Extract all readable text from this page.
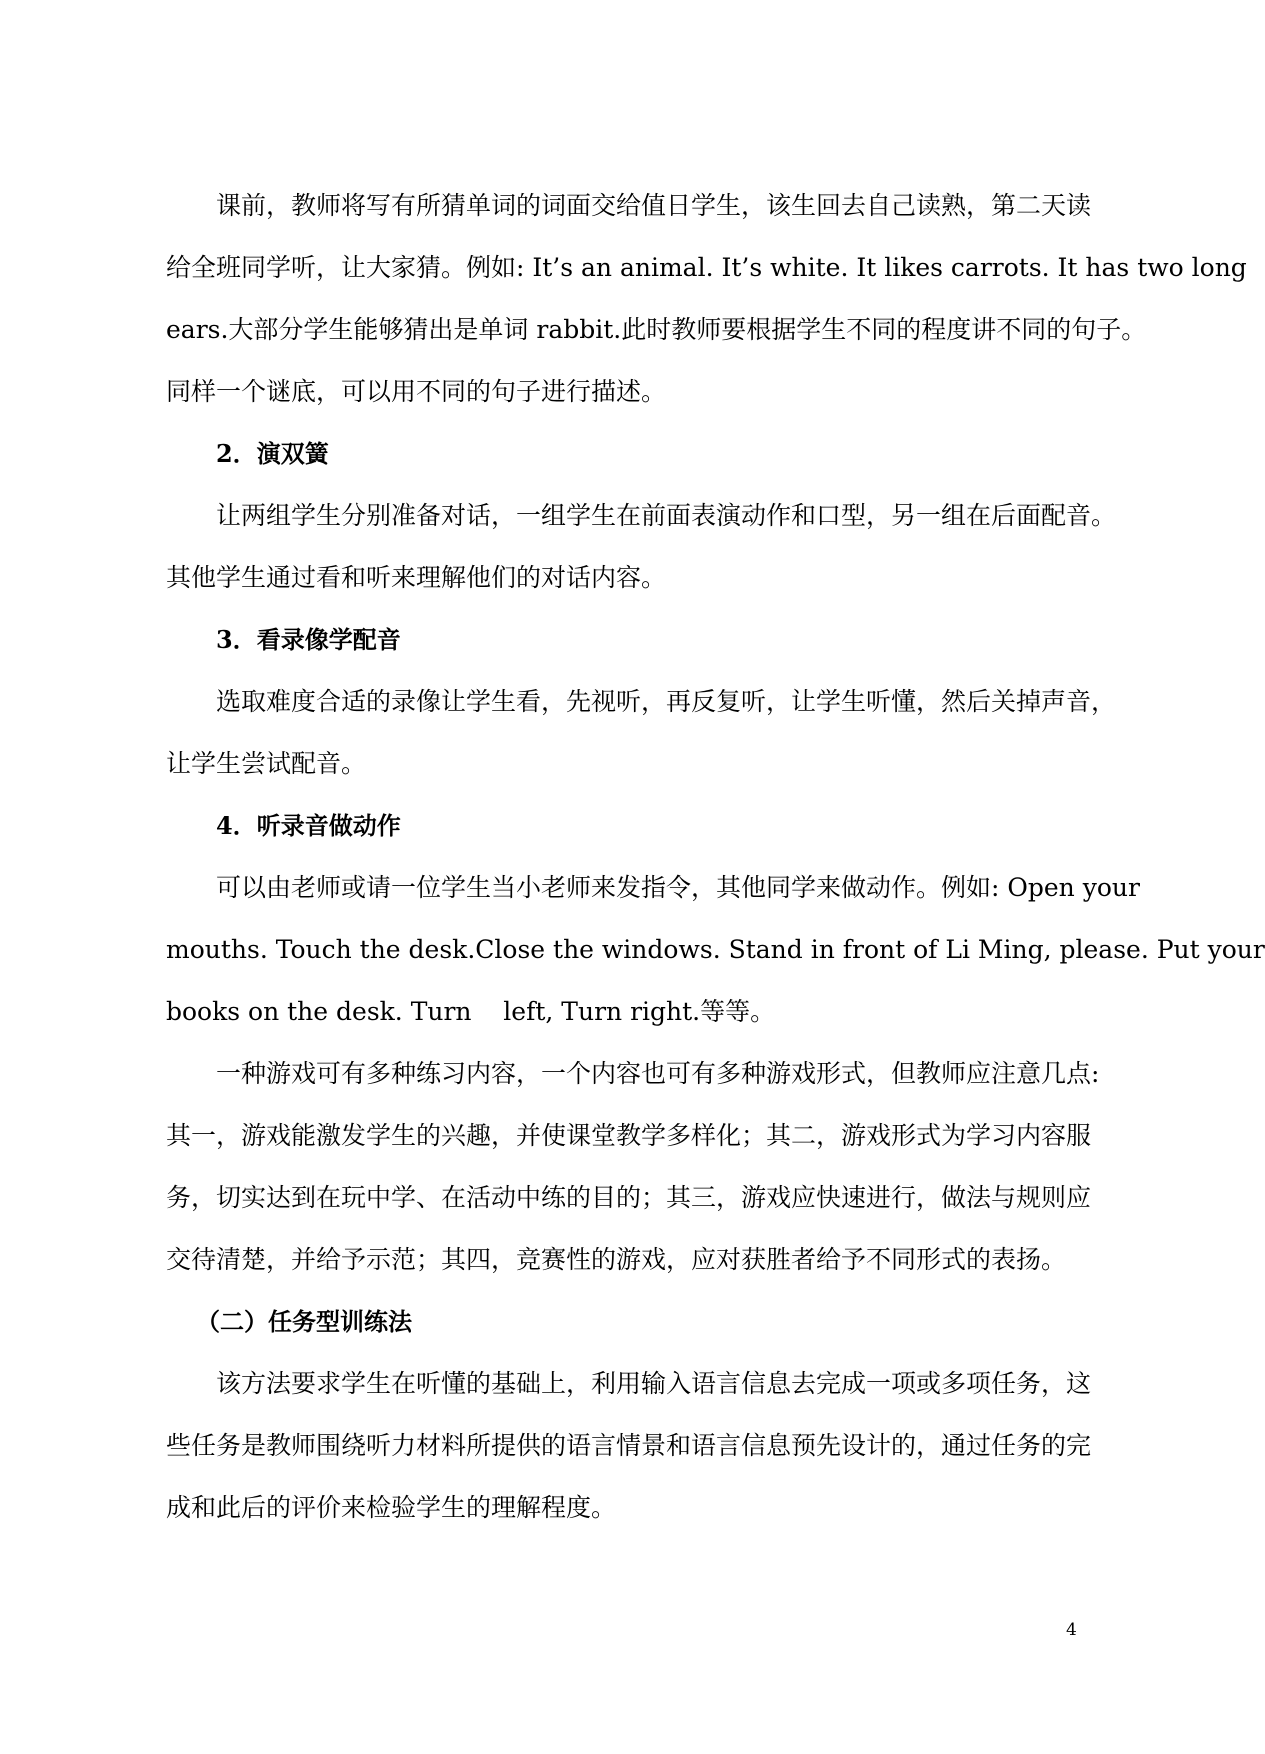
课前，教师将写有所猜单词的词面交给值日学生，该生回去自己读熟，第二天读
给全班同学听，让大家猜。例如: It’s an animal. It’s white. It likes carrots. It has two long
ears.大部分学生能够猜出是单词 rabbit.此时教师要根据学生不同的程度讲不同的句子。
同样一个谜底，可以用不同的句子进行描述。
2．演双簧
让两组学生分别准备对话，一组学生在前面表演动作和口型，另一组在后面配音。
其他学生通过看和听来理解他们的对话内容。
3．看录像学配音
选取难度合适的录像让学生看，先视听，再反复听，让学生听懂，然后关掉声音，
让学生尝试配音。
4．听录音做动作
可以由老师或请一位学生当小老师来发指令，其他同学来做动作。例如: Open your
mouths. Touch the desk.Close the windows. Stand in front of Li Ming, please. Put your
books on the desk. Turn    left, Turn right.等等。
一种游戏可有多种练习内容，一个内容也可有多种游戏形式，但教师应注意几点:
其一，游戏能激发学生的兴趣，并使课堂教学多样化；其二，游戏形式为学习内容服
务，切实达到在玩中学、在活动中练的目的；其三，游戏应快速进行，做法与规则应
交待清楚，并给予示范；其四，竞赛性的游戏，应对获胜者给予不同形式的表扬。
（二）任务型训练法
该方法要求学生在听懂的基础上，利用输入语言信息去完成一项或多项任务，这
些任务是教师围绕听力材料所提供的语言情景和语言信息预先设计的，通过任务的完
成和此后的评价来检验学生的理解程度。
4
